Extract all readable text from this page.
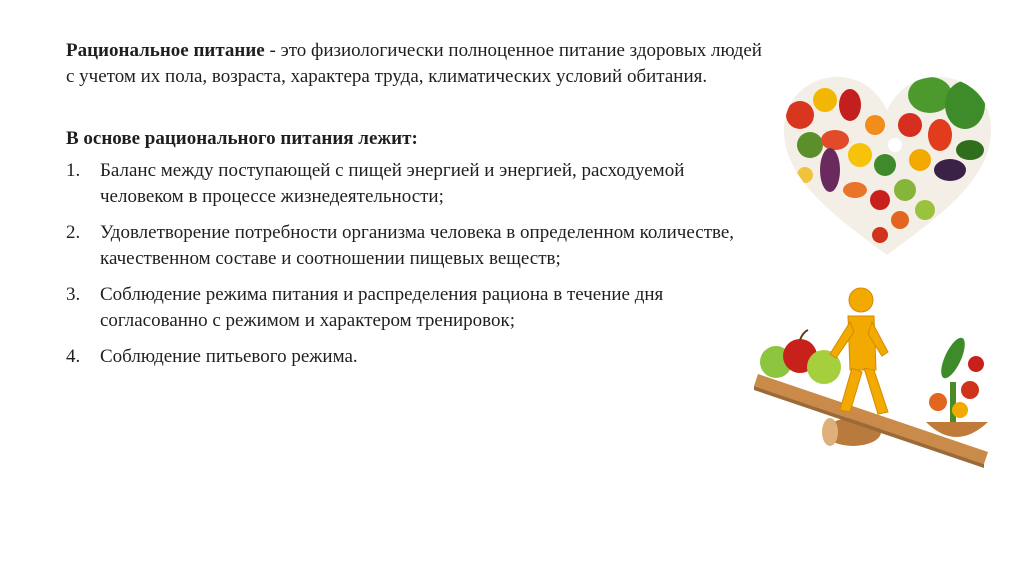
Рациональное питание - это физиологически полноценное питание здоровых людей с учетом их пола, возраста, характера труда, климатических условий обитания.

В основе рационального питания лежит:

1. Баланс между поступающей с пищей энергией и энергией, расходуемой человеком в процессе жизнедеятельности;
2. Удовлетворение потребности организма человека в определенном количестве, качественном составе и соотношении пищевых веществ;
3. Соблюдение режима питания и распределения рациона в течение дня согласованно с режимом и характером тренировок;
4. Соблюдение питьевого режима.
